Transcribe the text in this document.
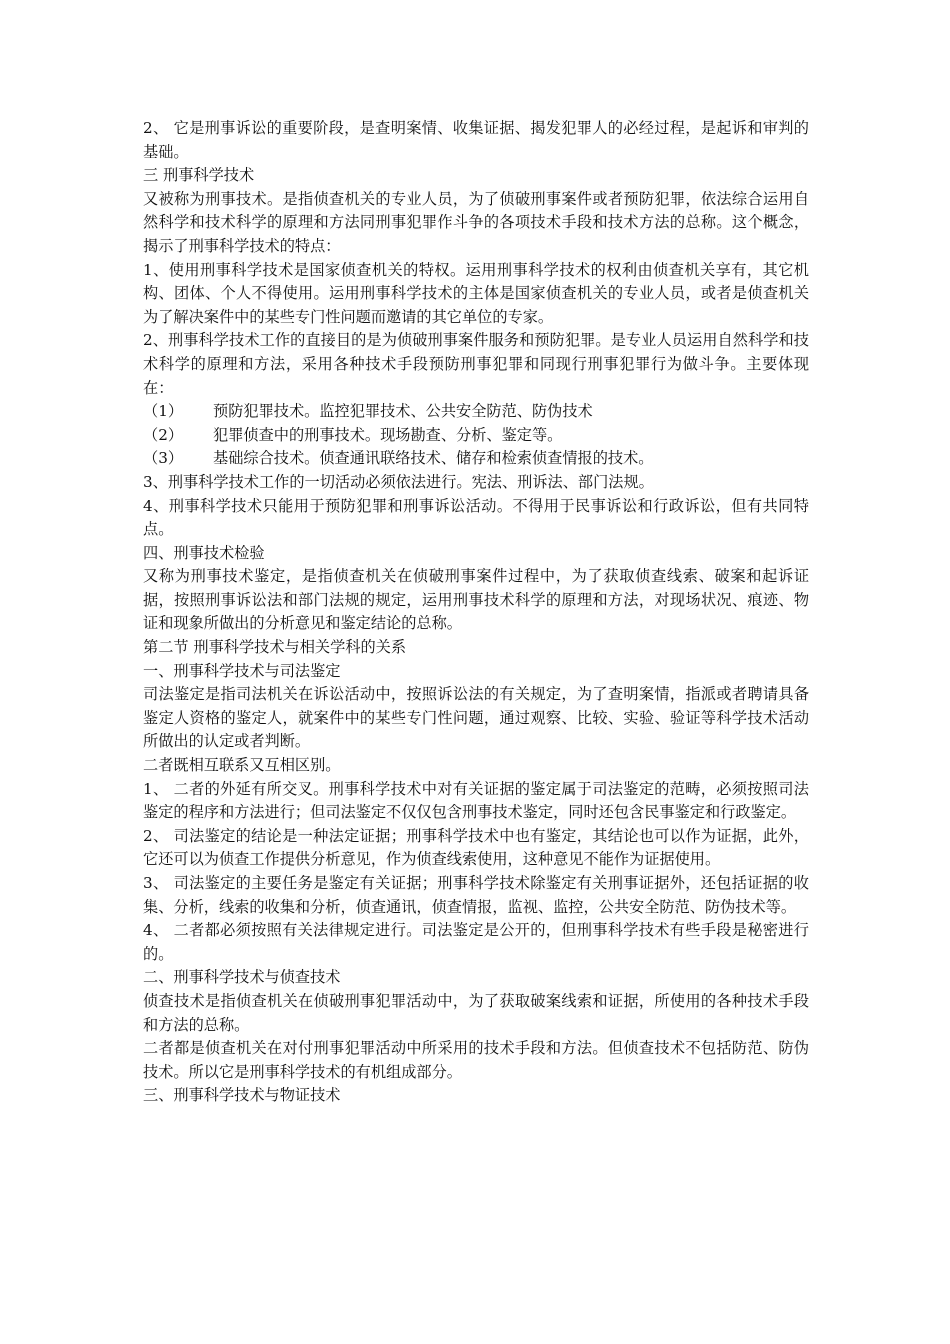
2、 它是刑事诉讼的重要阶段，是查明案情、收集证据、揭发犯罪人的必经过程，是起诉和审判的基础。

三 刑事科学技术

又被称为刑事技术。是指侦查机关的专业人员，为了侦破刑事案件或者预防犯罪，依法综合运用自然科学和技术科学的原理和方法同刑事犯罪作斗争的各项技术手段和技术方法的总称。这个概念，揭示了刑事科学技术的特点：

1、使用刑事科学技术是国家侦查机关的特权。运用刑事科学技术的权利由侦查机关享有，其它机构、团体、个人不得使用。运用刑事科学技术的主体是国家侦查机关的专业人员，或者是侦查机关为了解决案件中的某些专门性问题而邀请的其它单位的专家。

2、刑事科学技术工作的直接目的是为侦破刑事案件服务和预防犯罪。是专业人员运用自然科学和技术科学的原理和方法，采用各种技术手段预防刑事犯罪和同现行刑事犯罪行为做斗争。主要体现在：

（1）	预防犯罪技术。监控犯罪技术、公共安全防范、防伪技术
（2）	犯罪侦查中的刑事技术。现场勘查、分析、鉴定等。
（3）	基础综合技术。侦查通讯联络技术、储存和检索侦查情报的技术。

3、刑事科学技术工作的一切活动必须依法进行。宪法、刑诉法、部门法规。

4、刑事科学技术只能用于预防犯罪和刑事诉讼活动。不得用于民事诉讼和行政诉讼，但有共同特点。

四、刑事技术检验

又称为刑事技术鉴定，是指侦查机关在侦破刑事案件过程中，为了获取侦查线索、破案和起诉证据，按照刑事诉讼法和部门法规的规定，运用刑事技术科学的原理和方法，对现场状况、痕迹、物证和现象所做出的分析意见和鉴定结论的总称。

第二节 刑事科学技术与相关学科的关系

一、刑事科学技术与司法鉴定

司法鉴定是指司法机关在诉讼活动中，按照诉讼法的有关规定，为了查明案情，指派或者聘请具备鉴定人资格的鉴定人，就案件中的某些专门性问题，通过观察、比较、实验、验证等科学技术活动所做出的认定或者判断。

二者既相互联系又互相区别。

1、 二者的外延有所交叉。刑事科学技术中对有关证据的鉴定属于司法鉴定的范畴，必须按照司法鉴定的程序和方法进行；但司法鉴定不仅仅包含刑事技术鉴定，同时还包含民事鉴定和行政鉴定。

2、 司法鉴定的结论是一种法定证据；刑事科学技术中也有鉴定，其结论也可以作为证据，此外，它还可以为侦查工作提供分析意见，作为侦查线索使用，这种意见不能作为证据使用。

3、 司法鉴定的主要任务是鉴定有关证据；刑事科学技术除鉴定有关刑事证据外，还包括证据的收集、分析，线索的收集和分析，侦查通讯，侦查情报，监视、监控，公共安全防范、防伪技术等。

4、 二者都必须按照有关法律规定进行。司法鉴定是公开的，但刑事科学技术有些手段是秘密进行的。

二、刑事科学技术与侦查技术

侦查技术是指侦查机关在侦破刑事犯罪活动中，为了获取破案线索和证据，所使用的各种技术手段和方法的总称。

二者都是侦查机关在对付刑事犯罪活动中所采用的技术手段和方法。但侦查技术不包括防范、防伪技术。所以它是刑事科学技术的有机组成部分。

三、刑事科学技术与物证技术
